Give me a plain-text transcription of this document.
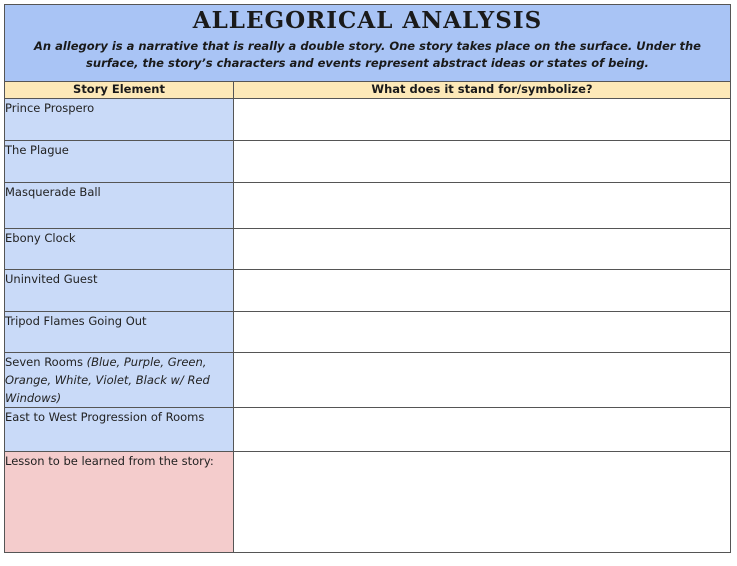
ALLEGORICAL ANALYSIS
An allegory is a narrative that is really a double story. One story takes place on the surface. Under the surface, the story’s characters and events represent abstract ideas or states of being.	

Story Element	What does it stand for/symbolize?
Prince Prospero	
The Plague	
Masquerade Ball	
Ebony Clock	
Uninvited Guest	
Tripod Flames Going Out	
Seven Rooms (Blue, Purple, Green, Orange, White, Violet, Black w/ Red Windows)	
East to West Progression of Rooms	
Lesson to be learned from the story:	
